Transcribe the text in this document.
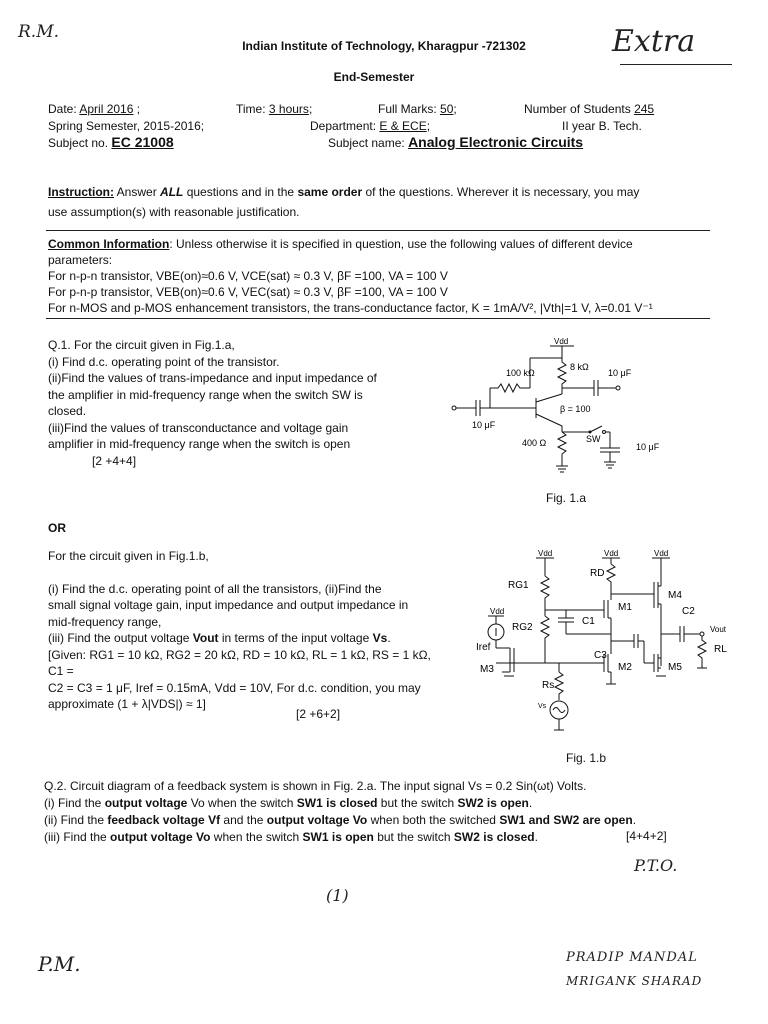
R.M.	Extra
Indian Institute of Technology, Kharagpur -721302
End-Semester
Date: April 2016 ;	Time: 3 hours;	Full Marks: 50;	Number of Students 245
Spring Semester, 2015-2016;	Department: E & ECE;	II year B. Tech.
Subject no. EC 21008	Subject name: Analog Electronic Circuits
Instruction: Answer ALL questions and in the same order of the questions. Wherever it is necessary, you may
use assumption(s) with reasonable justification.
Common Information: Unless otherwise it is specified in question, use the following values of different device
parameters:
For n-p-n transistor, VBE(on)≈0.6 V, VCE(sat) ≈ 0.3 V, βF =100, VA = 100 V
For p-n-p transistor, VEB(on)≈0.6 V, VEC(sat) ≈ 0.3 V, βF =100, VA = 100 V
For n-MOS and p-MOS enhancement transistors, the trans-conductance factor, K = 1mA/V², |Vth|=1 V, λ=0.01 V⁻¹
Q.1. For the circuit given in Fig.1.a,
(i) Find d.c. operating point of the transistor.
(ii)Find the values of trans-impedance and input impedance of
the amplifier in mid-frequency range when the switch SW is
closed.
(iii)Find the values of transconductance and voltage gain
amplifier in mid-frequency range when the switch is open
[2 +4+4]
Vdd
100 kΩ
8 kΩ
10 μF
10 μF
β = 100
400 Ω	SW
10 μF
Fig. 1.a
OR
For the circuit given in Fig.1.b,
(i) Find the d.c. operating point of all the transistors, (ii)Find the
small signal voltage gain, input impedance and output impedance in
mid-frequency range,
(iii) Find the output voltage Vout in terms of the input voltage Vs.
[Given: RG1 = 10 kΩ, RG2 = 20 kΩ, RD = 10 kΩ, RL = 1 kΩ, RS = 1 kΩ, C1 =
C2 = C3 = 1 μF, Iref = 0.15mA, Vdd = 10V, For d.c. condition, you may
approximate (1 + λ|VDS|) ≈ 1]
[2 +6+2]
Vdd	Vdd	Vdd
Vdd
RG1
RG2
RD
M1
M2
M3
M4
M5
C1
C2
C3
Iref
Rs
Vs
Vout
RL
Fig. 1.b
Q.2. Circuit diagram of a feedback system is shown in Fig. 2.a. The input signal Vs = 0.2 Sin(ωt) Volts.
(i) Find the output voltage Vo when the switch SW1 is closed but the switch SW2 is open.
(ii) Find the feedback voltage Vf and the output voltage Vo when both the switched SW1 and SW2 are open.
(iii) Find the output voltage Vo when the switch SW1 is open but the switch SW2 is closed.	[4+4+2]
P.T.O.
(1)
P.M.	PRADIP MANDAL
MRIGANK SHARAD
